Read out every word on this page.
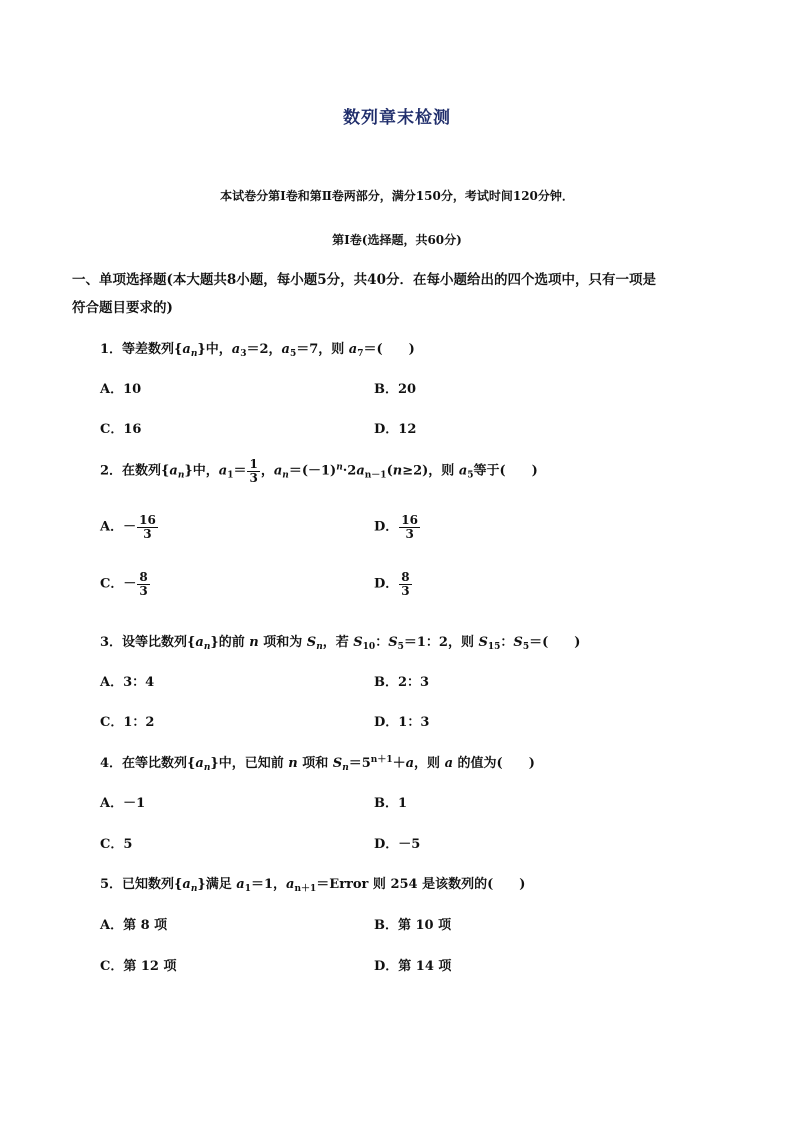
数列章末检测
本试卷分第Ⅰ卷和第Ⅱ卷两部分，满分150分，考试时间120分钟．
第Ⅰ卷(选择题，共60分)
一、单项选择题(本大题共8小题，每小题5分，共40分．在每小题给出的四个选项中，只有一项是
符合题目要求的)
1．等差数列$\{a_n\}$中，$a_3=2$，$a_5=7$，则 $a_7=$(　　)
A．10	B．20
C．16	D．12
2．在数列$\{a_n\}$中，$a_1= \frac{1}{3}$ ，$a_n=(-1)^n\cdot 2a_{n-1}(n\ge 2)$，则 $a_5$等于(　　)
A．－ $\frac{16}{3}$	D． $\frac{16}{3}$
C．－ $\frac{8}{3}$	D． $\frac{8}{3}$
3．设等比数列$\{a_n\}$的前 n 项和为 $S_n$，若 $S_{10}$：$S_5=1$：2，则 $S_{15}$：$S_5=$(　　)
A．3：4	B．2：3
C．1：2	D．1：3
4．在等比数列$\{a_n\}$中，已知前 n 项和 $S_n=5^{n+1}+a$，则 a 的值为(　　)
A．－1	B．1
C．5	D．－5
5．已知数列$\{a_n\}$满足 $a_1=1$，$a_{n+1}=Error$ 则 254 是该数列的(　　)
A．第 8 项	B．第 10 项
C．第 12 项	D．第 14 项
